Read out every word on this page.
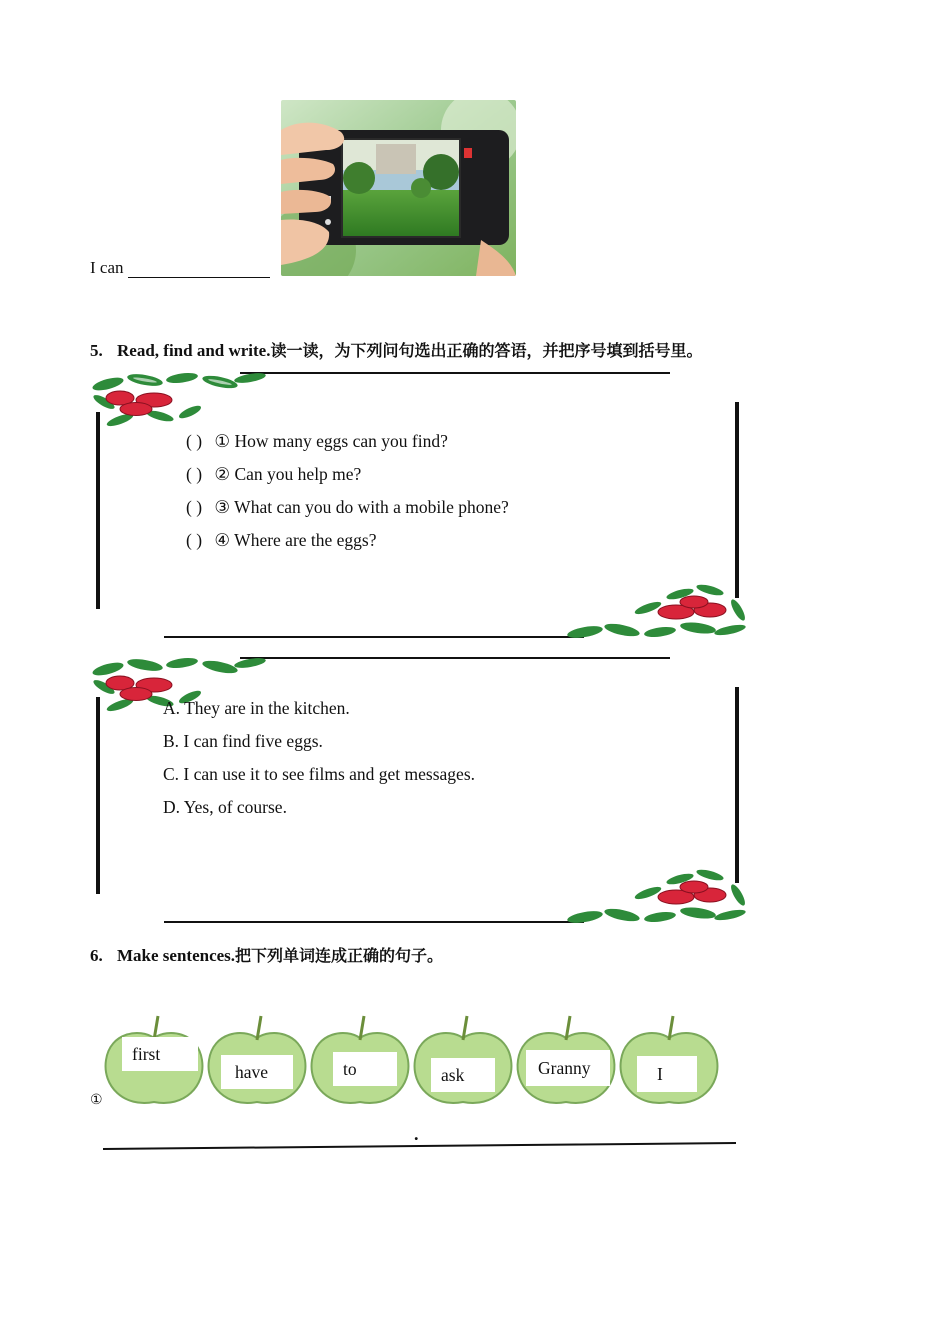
I can
5. Read, find and write.读一读，为下列问句选出正确的答语，并把序号填到括号里。
( ) ① How many eggs can you find?
( ) ② Can you help me?
( ) ③ What can you do with a mobile phone?
( ) ④ Where are the eggs?
A. They are in the kitchen.
B. I can find five eggs.
C. I can use it to see films and get messages.
D. Yes, of course.
6. Make sentences.把下列单词连成正确的句子。
first
have	to	ask	Granny	I
①
.
